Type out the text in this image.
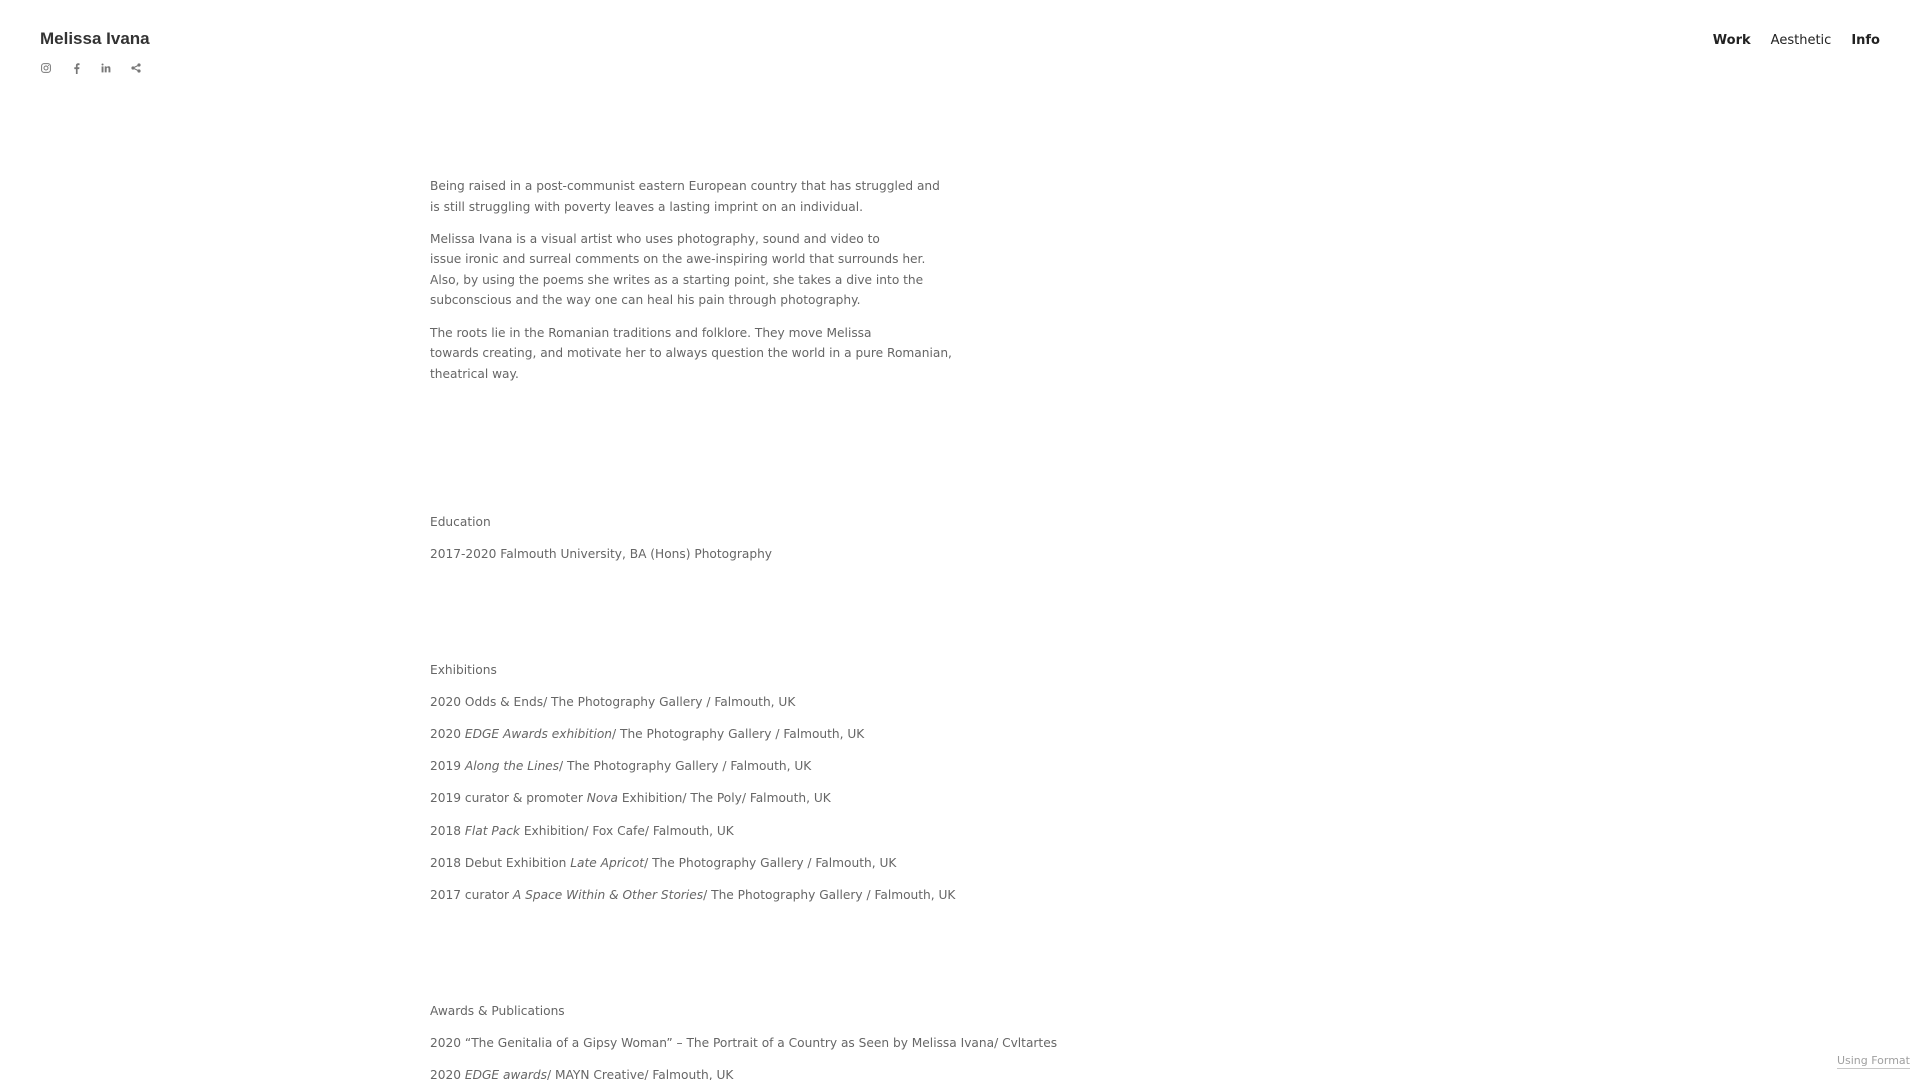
Melissa Ivana	Work Aesthetic Info

Being raised in a post-communist eastern European country that has struggled and
is still struggling with poverty leaves a lasting imprint on an individual.

Melissa Ivana is a visual artist who uses photography, sound and video to
issue ironic and surreal comments on the awe-inspiring world that surrounds her.
Also, by using the poems she writes as a starting point, she takes a dive into the
subconscious and the way one can heal his pain through photography.

The roots lie in the Romanian traditions and folklore. They move Melissa
towards creating, and motivate her to always question the world in a pure Romanian,
theatrical way.

Education

2017-2020 Falmouth University, BA (Hons) Photography

Exhibitions

2020 Odds & Ends/ The Photography Gallery / Falmouth, UK

2020 EDGE Awards exhibition/ The Photography Gallery / Falmouth, UK

2019 Along the Lines/ The Photography Gallery / Falmouth, UK

2019 curator & promoter Nova Exhibition/ The Poly/ Falmouth, UK

2018 Flat Pack Exhibition/ Fox Cafe/ Falmouth, UK

2018 Debut Exhibition Late Apricot/ The Photography Gallery / Falmouth, UK

2017 curator A Space Within & Other Stories/ The Photography Gallery / Falmouth, UK

Awards & Publications

2020 “The Genitalia of a Gipsy Woman” – The Portrait of a Country as Seen by Melissa Ivana/ Cvltartes

2020 EDGE awards/ MAYN Creative/ Falmouth, UK

Using Format
